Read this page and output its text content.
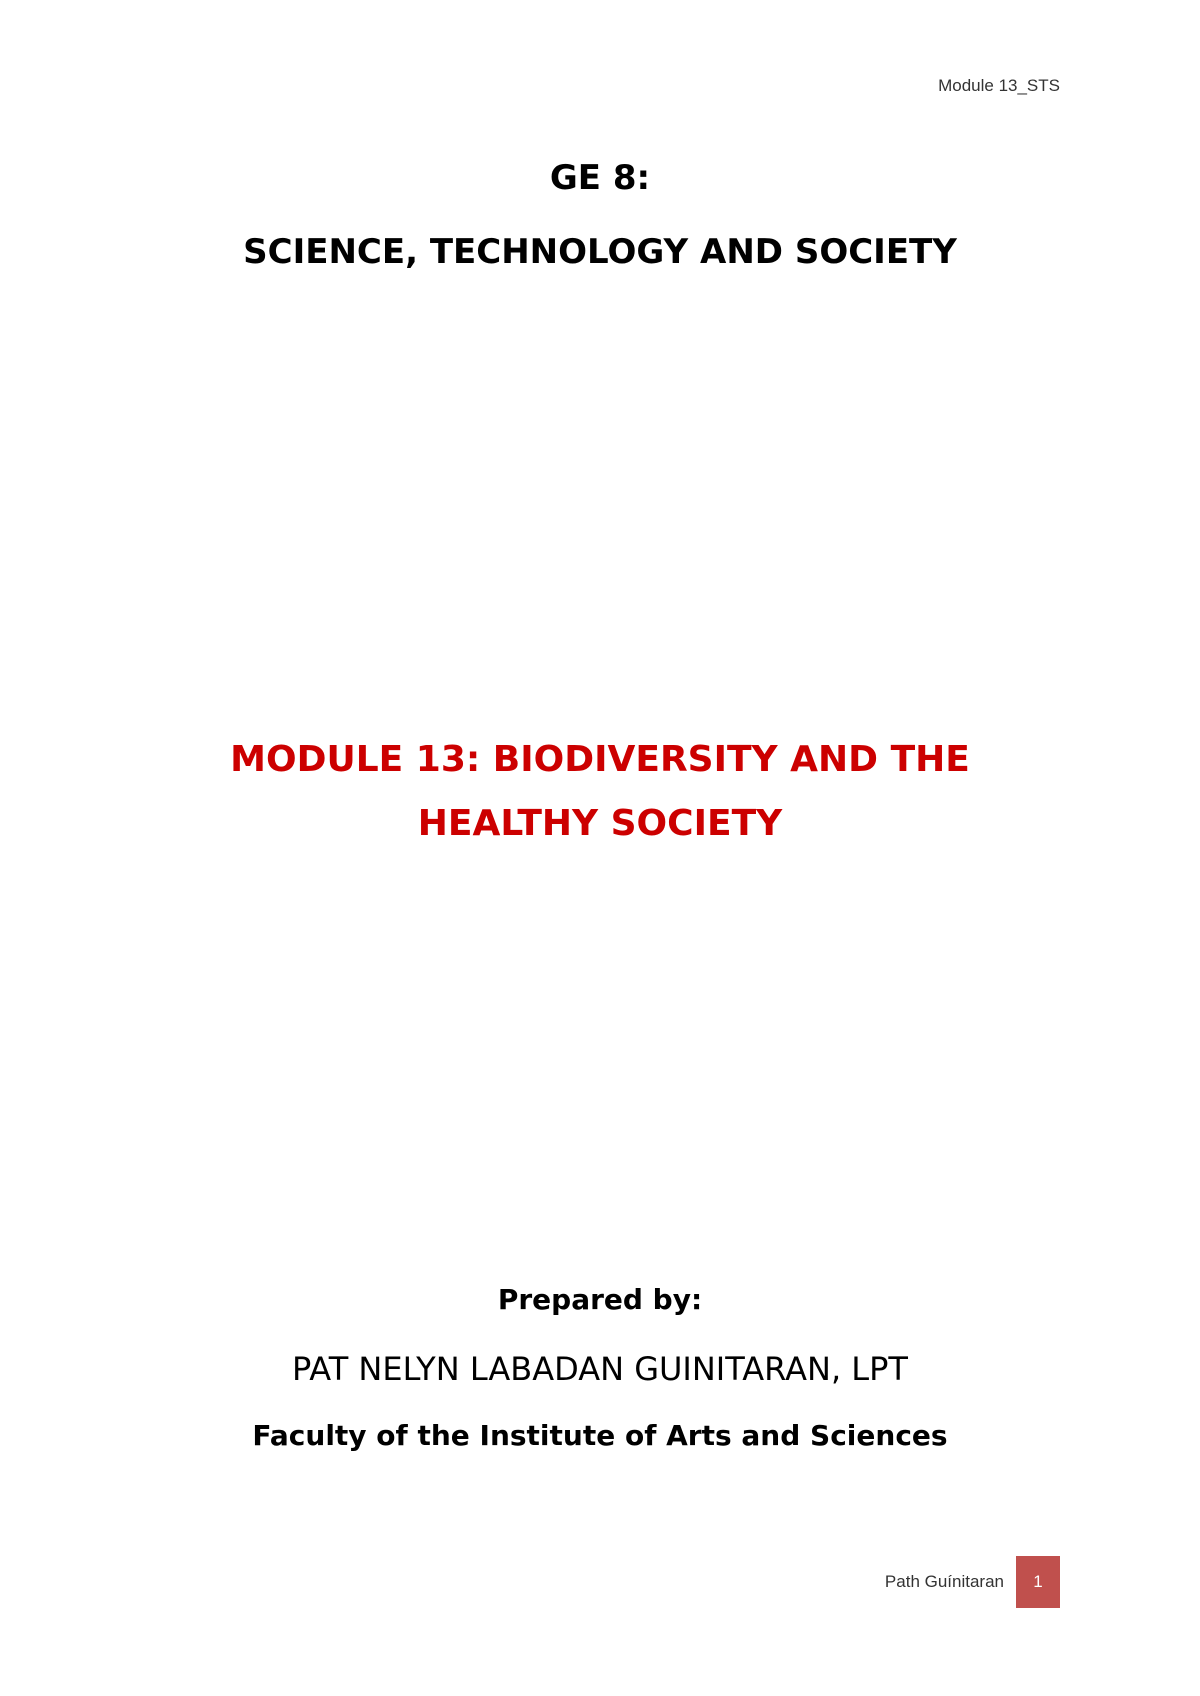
Module 13_STS
GE 8:
SCIENCE, TECHNOLOGY AND SOCIETY
MODULE 13: BIODIVERSITY AND THE HEALTHY SOCIETY
Prepared by:
PAT NELYN LABADAN GUINITARAN, LPT
Faculty of the Institute of Arts and Sciences
Path Guínitaran	1
